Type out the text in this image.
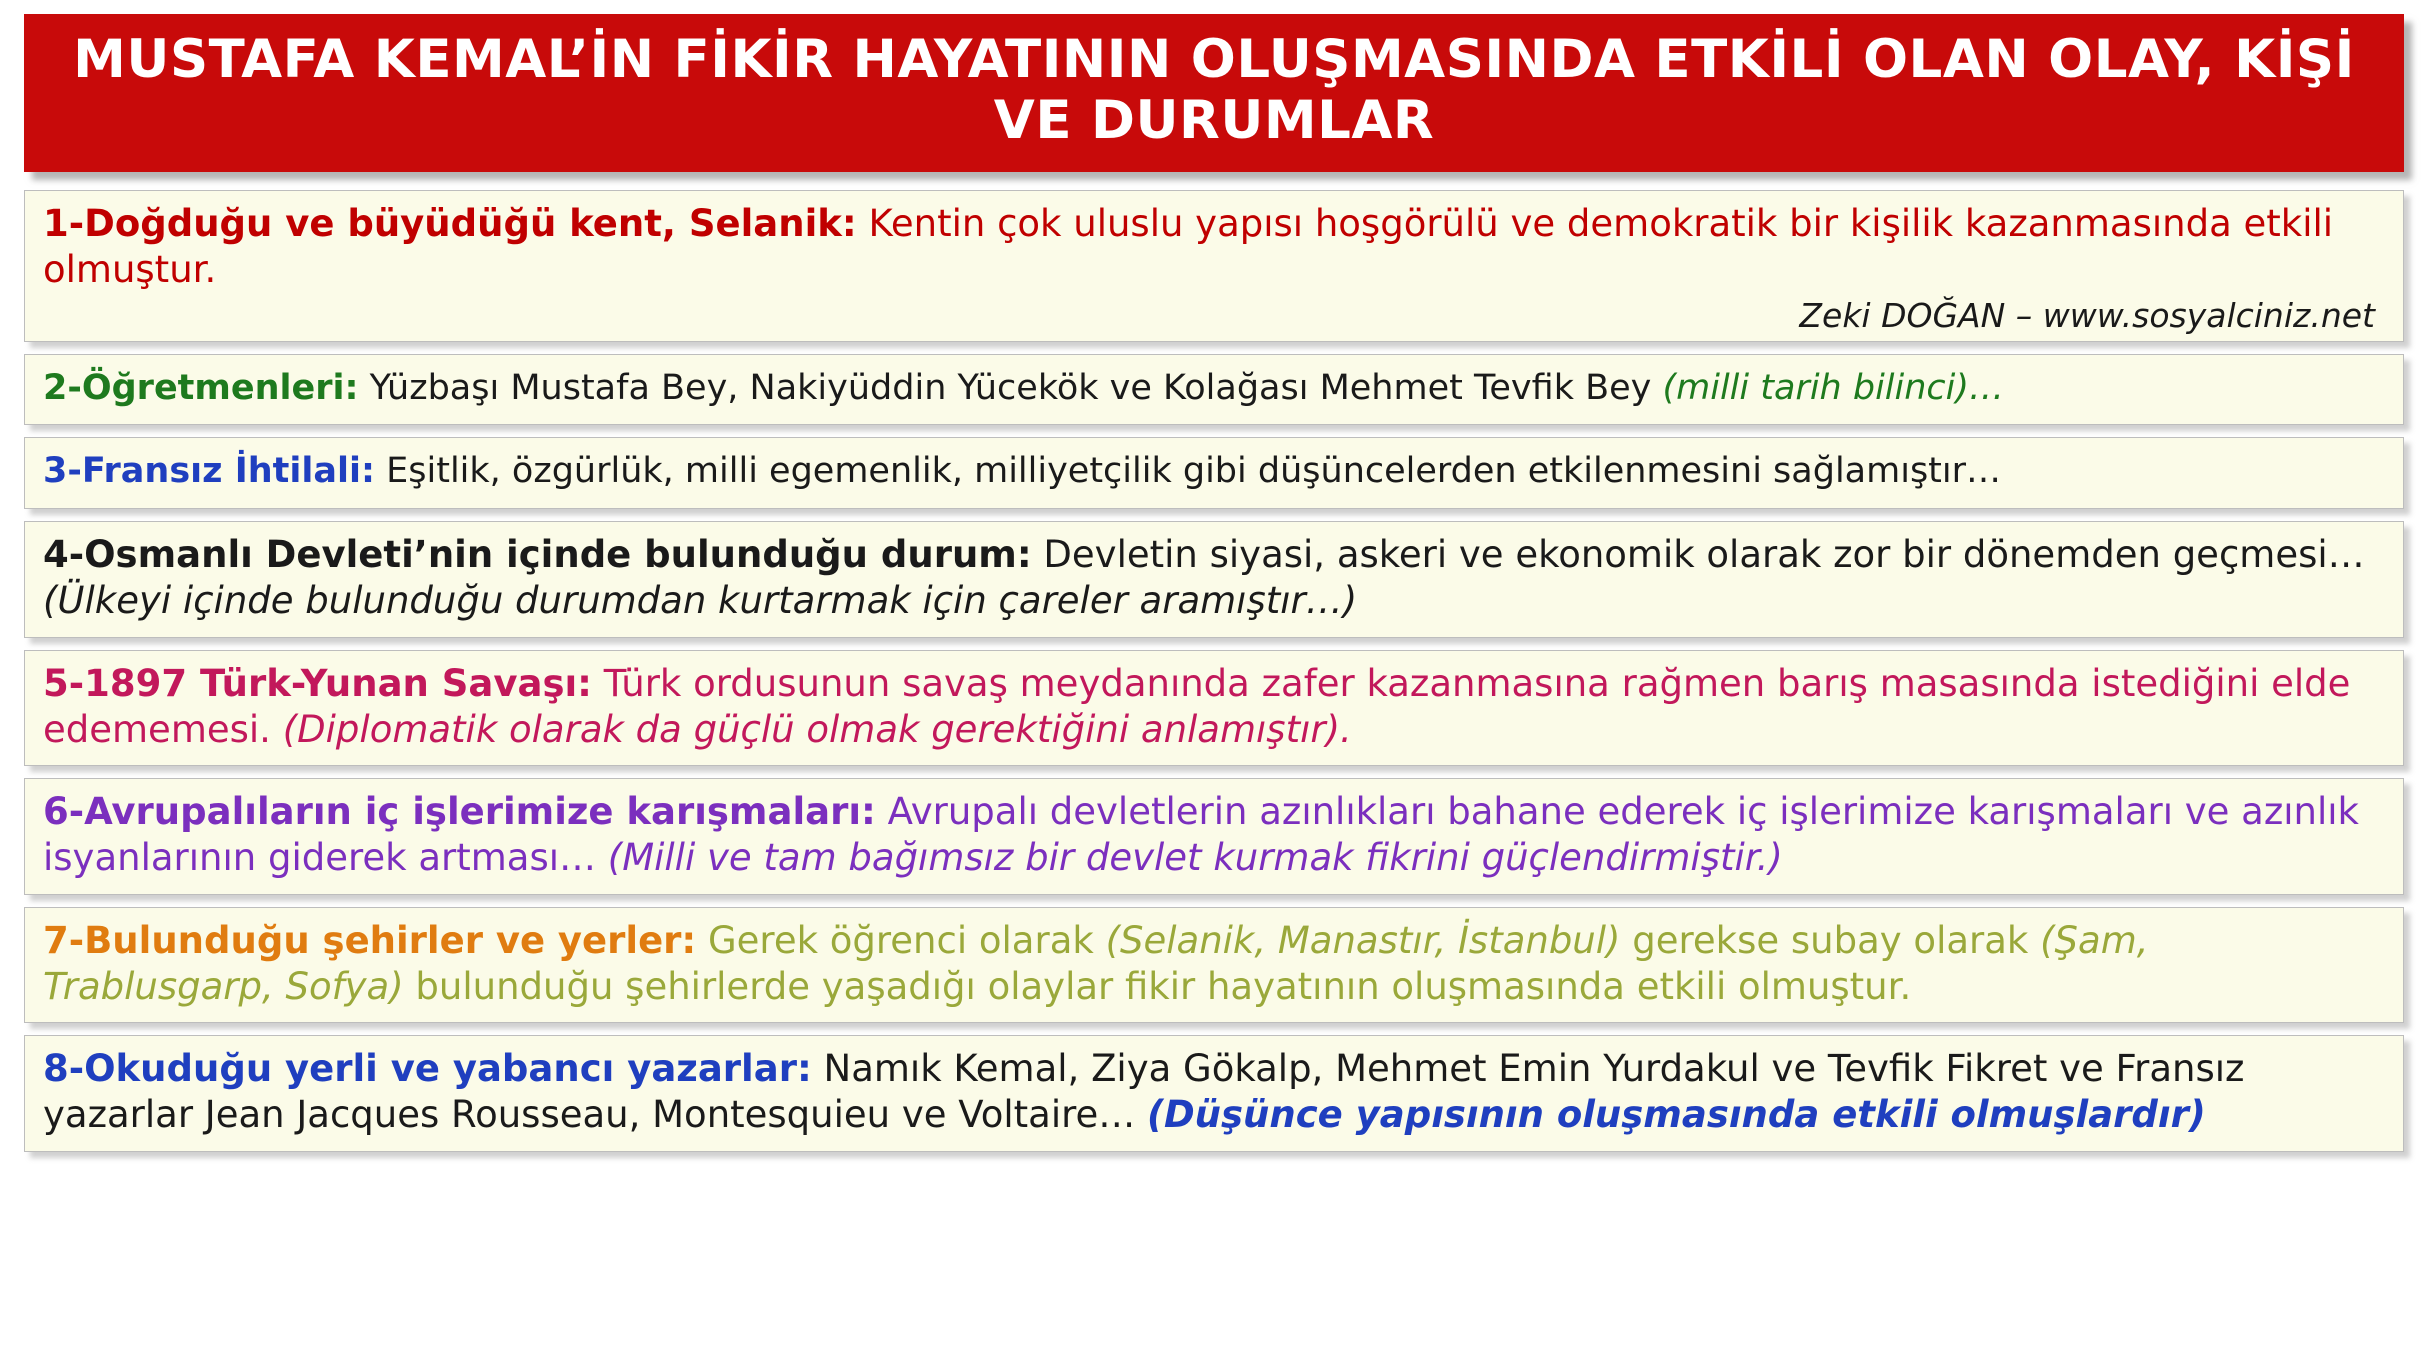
MUSTAFA KEMAL’İN FİKİR HAYATININ OLUŞMASINDA ETKİLİ OLAN OLAY, KİŞİ VE DURUMLAR

1-Doğduğu ve büyüdüğü kent, Selanik: Kentin çok uluslu yapısı hoşgörülü ve demokratik bir kişilik kazanmasında etkili olmuştur.

Zeki DOĞAN – www.sosyalciniz.net

2-Öğretmenleri: Yüzbaşı Mustafa Bey, Nakiyüddin Yücekök ve Kolağası Mehmet Tevfik Bey (milli tarih bilinci)…

3-Fransız İhtilali: Eşitlik, özgürlük, milli egemenlik, milliyetçilik gibi düşüncelerden etkilenmesini sağlamıştır…

4-Osmanlı Devleti’nin içinde bulunduğu durum: Devletin siyasi, askeri ve ekonomik olarak zor bir dönemden geçmesi… (Ülkeyi içinde bulunduğu durumdan kurtarmak için çareler aramıştır…)

5-1897 Türk-Yunan Savaşı: Türk ordusunun savaş meydanında zafer kazanmasına rağmen barış masasında istediğini elde edememesi. (Diplomatik olarak da güçlü olmak gerektiğini anlamıştır).

6-Avrupalıların iç işlerimize karışmaları: Avrupalı devletlerin azınlıkları bahane ederek iç işlerimize karışmaları ve azınlık isyanlarının giderek artması… (Milli ve tam bağımsız bir devlet kurmak fikrini güçlendirmiştir.)

7-Bulunduğu şehirler ve yerler: Gerek öğrenci olarak (Selanik, Manastır, İstanbul) gerekse subay olarak (Şam, Trablusgarp, Sofya) bulunduğu şehirlerde yaşadığı olaylar fikir hayatının oluşmasında etkili olmuştur.

8-Okuduğu yerli ve yabancı yazarlar: Namık Kemal, Ziya Gökalp, Mehmet Emin Yurdakul ve Tevfik Fikret ve Fransız yazarlar Jean Jacques Rousseau, Montesquieu ve Voltaire… (Düşünce yapısının oluşmasında etkili olmuşlardır)
